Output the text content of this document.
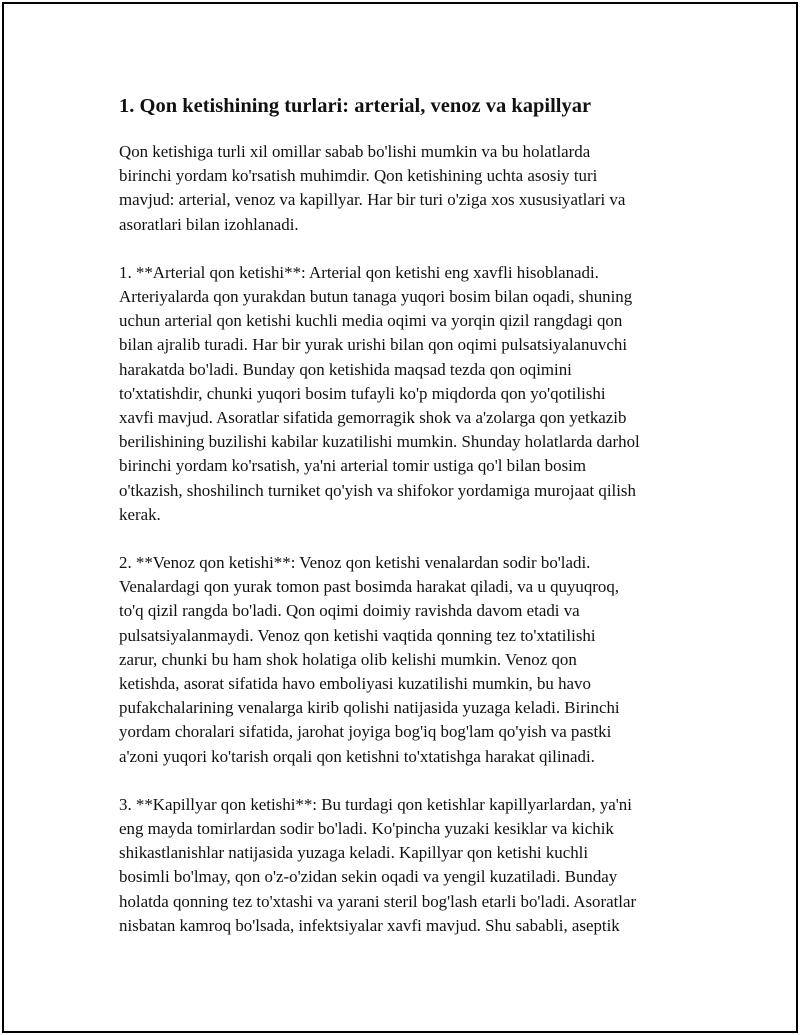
1. Qon ketishining turlari: arterial, venoz va kapillyar

Qon ketishiga turli xil omillar sabab bo'lishi mumkin va bu holatlarda
birinchi yordam ko'rsatish muhimdir. Qon ketishining uchta asosiy turi
mavjud: arterial, venoz va kapillyar. Har bir turi o'ziga xos xususiyatlari va
asoratlari bilan izohlanadi.

1. **Arterial qon ketishi**: Arterial qon ketishi eng xavfli hisoblanadi.
Arteriyalarda qon yurakdan butun tanaga yuqori bosim bilan oqadi, shuning
uchun arterial qon ketishi kuchli media oqimi va yorqin qizil rangdagi qon
bilan ajralib turadi. Har bir yurak urishi bilan qon oqimi pulsatsiyalanuvchi
harakatda bo'ladi. Bunday qon ketishida maqsad tezda qon oqimini
to'xtatishdir, chunki yuqori bosim tufayli ko'p miqdorda qon yo'qotilishi
xavfi mavjud. Asoratlar sifatida gemorragik shok va a'zolarga qon yetkazib
berilishining buzilishi kabilar kuzatilishi mumkin. Shunday holatlarda darhol
birinchi yordam ko'rsatish, ya'ni arterial tomir ustiga qo'l bilan bosim
o'tkazish, shoshilinch turniket qo'yish va shifokor yordamiga murojaat qilish
kerak.

2. **Venoz qon ketishi**: Venoz qon ketishi venalardan sodir bo'ladi.
Venalardagi qon yurak tomon past bosimda harakat qiladi, va u quyuqroq,
to'q qizil rangda bo'ladi. Qon oqimi doimiy ravishda davom etadi va
pulsatsiyalanmaydi. Venoz qon ketishi vaqtida qonning tez to'xtatilishi
zarur, chunki bu ham shok holatiga olib kelishi mumkin. Venoz qon
ketishda, asorat sifatida havo emboliyasi kuzatilishi mumkin, bu havo
pufakchalarining venalarga kirib qolishi natijasida yuzaga keladi. Birinchi
yordam choralari sifatida, jarohat joyiga bog'iq bog'lam qo'yish va pastki
a'zoni yuqori ko'tarish orqali qon ketishni to'xtatishga harakat qilinadi.

3. **Kapillyar qon ketishi**: Bu turdagi qon ketishlar kapillyarlardan, ya'ni
eng mayda tomirlardan sodir bo'ladi. Ko'pincha yuzaki kesiklar va kichik
shikastlanishlar natijasida yuzaga keladi. Kapillyar qon ketishi kuchli
bosimli bo'lmay, qon o'z-o'zidan sekin oqadi va yengil kuzatiladi. Bunday
holatda qonning tez to'xtashi va yarani steril bog'lash etarli bo'ladi. Asoratlar
nisbatan kamroq bo'lsada, infektsiyalar xavfi mavjud. Shu sababli, aseptik
